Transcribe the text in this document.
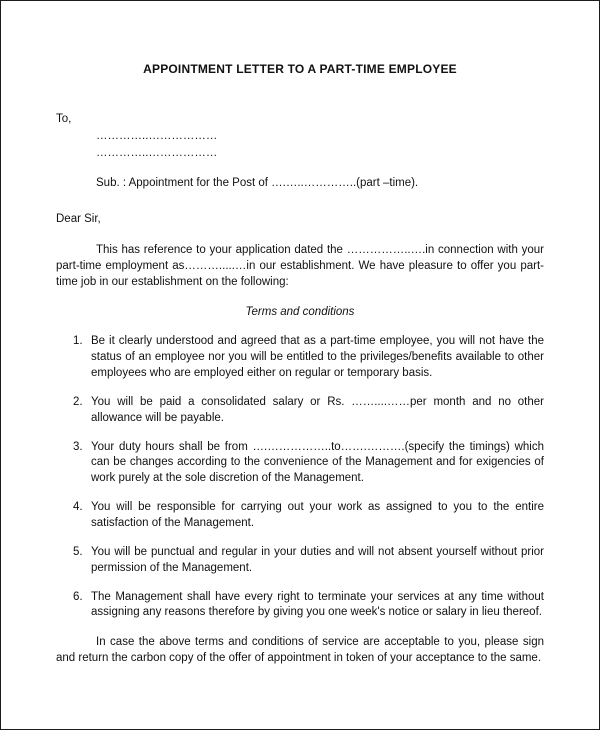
APPOINTMENT LETTER TO A PART-TIME EMPLOYEE
To,
…………..………………
…………..………………
Sub. : Appointment for the Post of ….…..…………..(part –time).
Dear Sir,
This has reference to your application dated the ……………..….in connection with your part-time employment as……….....…in our establishment. We have pleasure to offer you part-time job in our establishment on the following:
Terms and conditions
1. Be it clearly understood and agreed that as a part-time employee, you will not have the status of an employee nor you will be entitled to the privileges/benefits available to other employees who are employed either on regular or temporary basis.
2. You will be paid a consolidated salary or Rs. ……....……per month and no other allowance will be payable.
3. Your duty hours shall be from ….……………..to…….……….(specify the timings) which can be changes according to the convenience of the Management and for exigencies of work purely at the sole discretion of the Management.
4. You will be responsible for carrying out your work as assigned to you to the entire satisfaction of the Management.
5. You will be punctual and regular in your duties and will not absent yourself without prior permission of the Management.
6. The Management shall have every right to terminate your services at any time without assigning any reasons therefore by giving you one week's notice or salary in lieu thereof.
In case the above terms and conditions of service are acceptable to you, please sign and return the carbon copy of the offer of appointment in token of your acceptance to the same.
